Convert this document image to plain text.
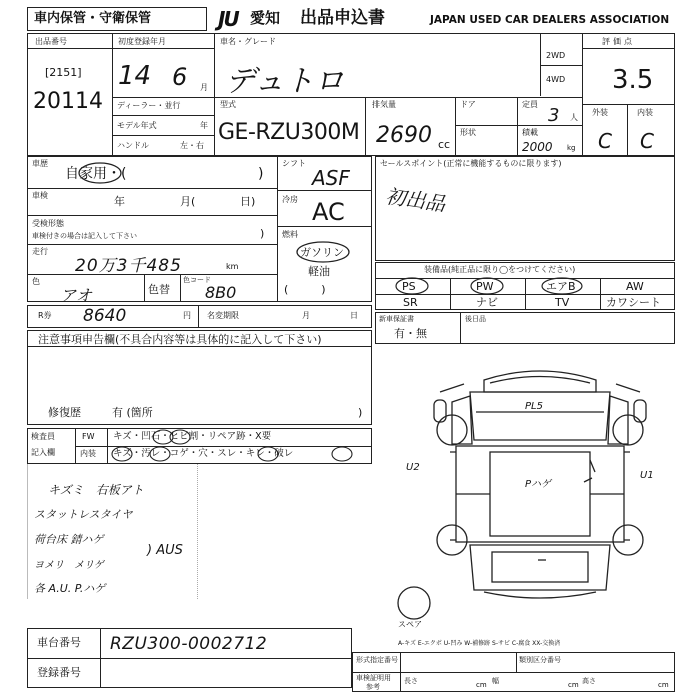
車内保管・守衛保管	JU 愛知 出品申込書	JAPAN USED CAR DEALERS ASSOCIATION
出品番号
[2151]
20114
初度登録年月
14 6 月
車名・グレード
デュトロ
2WD
4WD
評価点
3.5
ディーラー・並行
モデル年式	年
ハンドル	左・右
型式
GE-RZU300M
排気量
2690 cc
ドア	定員
3 人
形状	積載
2000 kg
外装	内装
C C
車歴
自家用・(	)
車検	年	月(	日)
受検形態
車検付きの場合は記入して下さい	)
走行
20万3千485	km
色
アオ	色替
色コード
8B0
シフト
ASF
冷房 AC
燃料
ガソリン
軽油
(　　　)
セールスポイント(正常に機能するものに限ります)
初出品
装備品(純正品に限り◯をつけてください)
PS	PW	エアB	AW
SR	ナビ	TV	カワシート
R券 8640	円 名変期限	月	日	新車保証書
有・無
後日品
注意事項申告欄(不具合内容等は具体的に記入して下さい)
修復歴	有 (箇所	)
検査員
記入欄
FW キズ・凹石・ヒビ割・リペア跡・X要
内装 キズ・汚レ・コゲ・穴・スレ・キレ・破レ
キズミ　右板アト
スタットレスタイヤ
荷台床 錆ハゲ
ヨメリ　メリゲ
各 A.U. P.ハゲ
) AUS
PL5
Pハゲ
U2
U1
スペア
A-キズ E-エクボ U-凹み W-補修跡 S-サビ C-腐食 XX-交換済
車台番号 RZU300-0002712
登録番号
形式指定番号	類別区分番号
車検証明用
参考
長さ	cm 幅	cm 高さ	cm
